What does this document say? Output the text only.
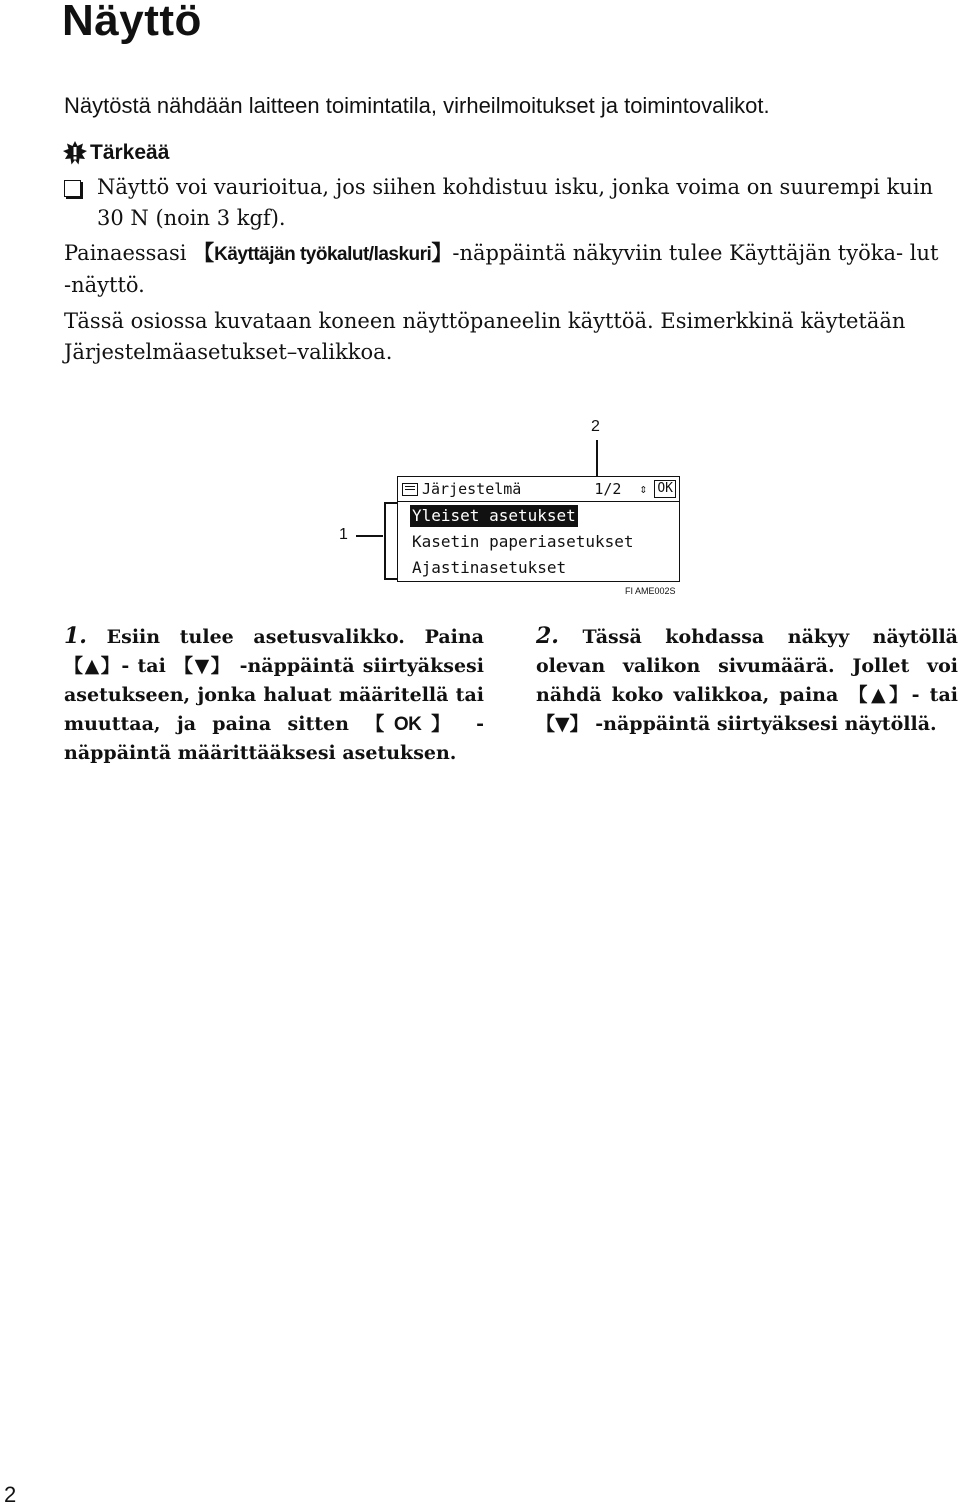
Näyttö

Näytöstä nähdään laitteen toimintatila, virheilmoitukset ja toimintovalikot.

Tärkeää
Näyttö voi vaurioitua, jos siihen kohdistuu isku, jonka voima on suurempi kuin 30 N (noin 3 kgf).

Painaessasi 【Käyttäjän työkalut/laskuri】-näppäintä näkyviin tulee Käyttäjän työka- lut -näyttö.

Tässä osiossa kuvataan koneen näyttöpaneelin käyttöä. Esimerkkinä käytetään Järjestelmäasetukset–valikkoa.

Järjestelmä	1/2	⇕ OK
Yleiset asetukset
Kasetin paperiasetukset
Ajastinasetukset
1
2
FI AME002S
1. Esiin tulee asetusvalikko. Paina 【▲】- tai 【▼】 -näppäintä siirtyäksesi asetukseen, jonka haluat määritellä tai muuttaa, ja paina sitten 【OK】 -näppäintä määrittääksesi asetuksen.
2. Tässä kohdassa näkyy näytöllä olevan valikon sivumäärä. Jollet voi nähdä koko valikkoa, paina 【▲】- tai 【▼】 -näppäintä siirtyäksesi näytöllä.
2
